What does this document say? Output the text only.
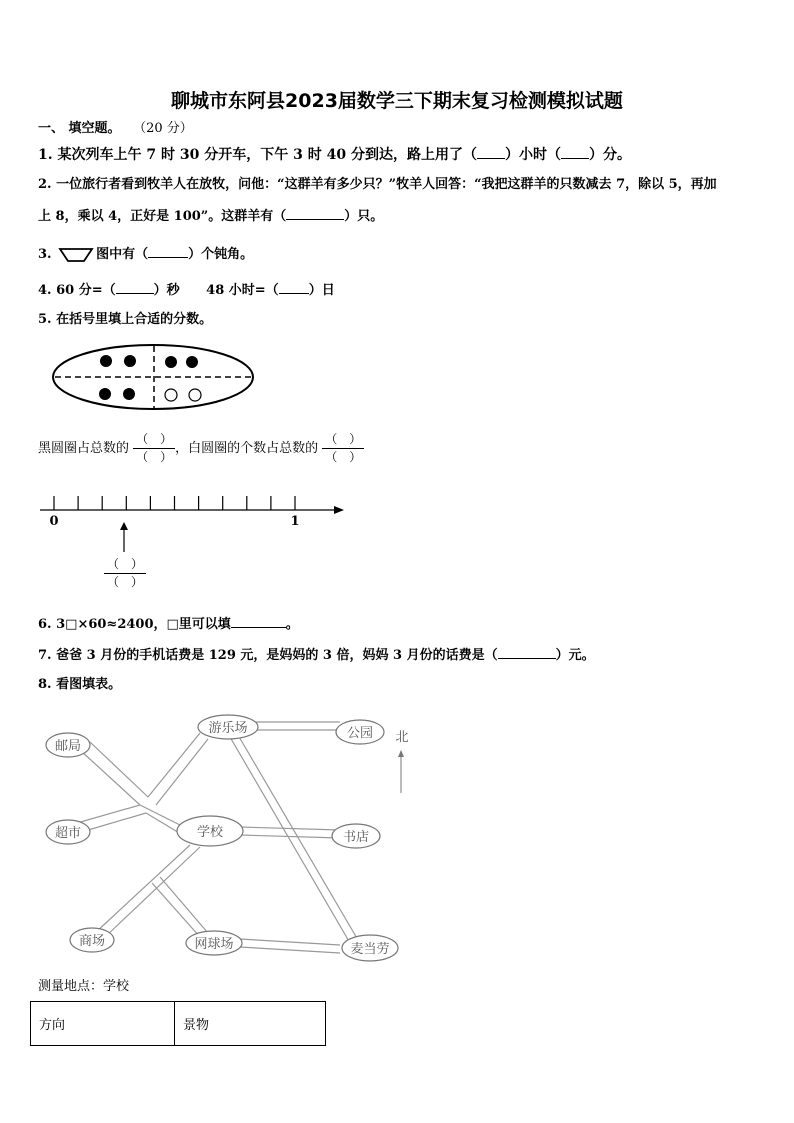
聊城市东阿县2023届数学三下期末复习检测模拟试题
一、 填空题。 （20 分）
1. 某次列车上午 7 时 30 分开车，下午 3 时 40 分到达，路上用了（ ）小时（ ）分。
2. 一位旅行者看到牧羊人在放牧，问他：“这群羊有多少只？”牧羊人回答：“我把这群羊的只数减去 7，除以 5，再加
上 8，乘以 4，正好是 100”。这群羊有（	）只。
3.	图中有（	）个钝角。
4. 60 分=（	）秒 48 小时=（ ）日
5. 在括号里填上合适的分数。
黑圆圈占总数的 $\frac{( )}{( )}$ ，白圆圈的个数占总数的 $\frac{( )}{( )}$
0	1
（　）
（　）
6. 3□×60≈2400，□里可以填	。
7. 爸爸 3 月份的手机话费是 129 元，是妈妈的 3 倍，妈妈 3 月份的话费是（	）元。
8. 看图填表。
游乐场	公园
邮局
超市	学校	书店
商场	网球场	麦当劳
北
测量地点：学校
方向	景物
